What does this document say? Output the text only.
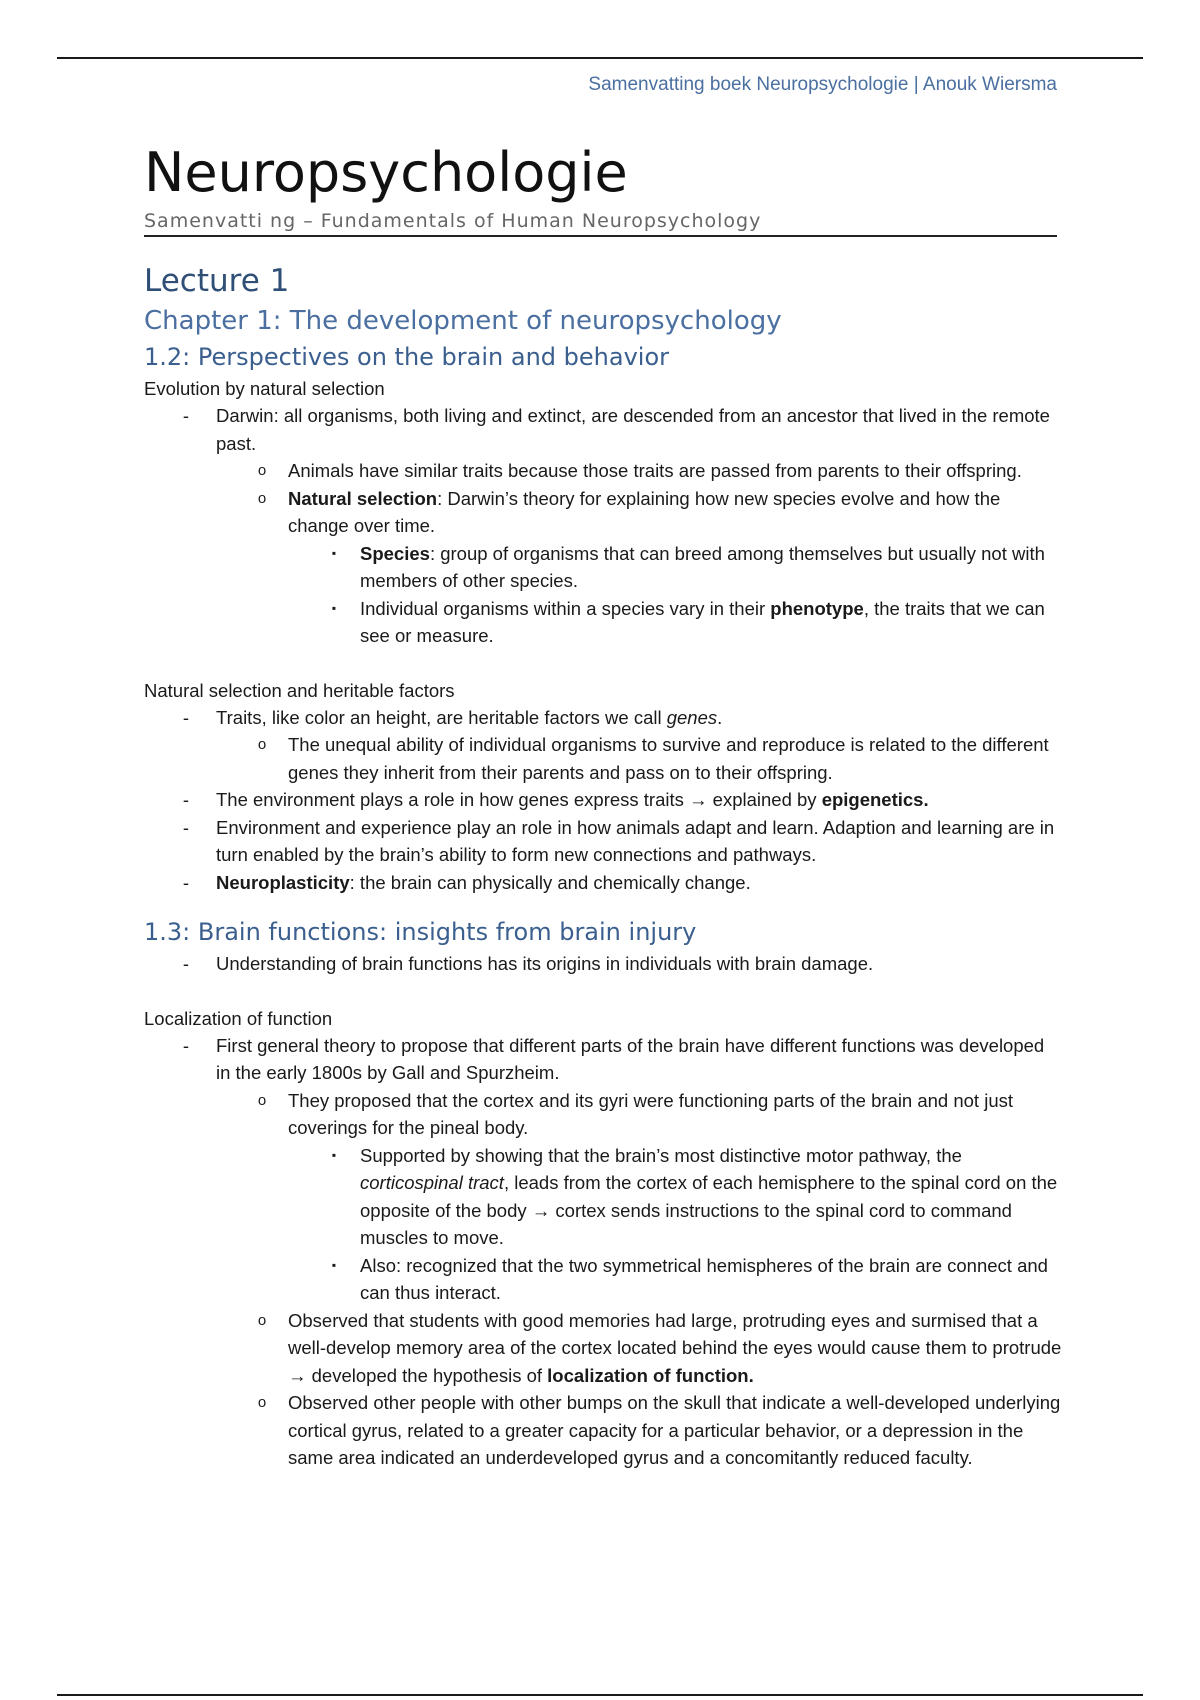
Samenvatting boek Neuropsychologie | Anouk Wiersma
Neuropsychologie
Samenvatti ng – Fundamentals of Human Neuropsychology
Lecture 1
Chapter 1: The development of neuropsychology
1.2: Perspectives on the brain and behavior

Evolution by natural selection

-	Darwin: all organisms, both living and extinct, are descended from an ancestor that lived in the remote past.
o	Animals have similar traits because those traits are passed from parents to their offspring.
o	Natural selection: Darwin’s theory for explaining how new species evolve and how the change over time.
▪	Species: group of organisms that can breed among themselves but usually not with members of other species.
▪	Individual organisms within a species vary in their phenotype, the traits that we can see or measure.

Natural selection and heritable factors

-	Traits, like color an height, are heritable factors we call genes.
o	The unequal ability of individual organisms to survive and reproduce is related to the different genes they inherit from their parents and pass on to their offspring.
-	The environment plays a role in how genes express traits → explained by epigenetics.
-	Environment and experience play an role in how animals adapt and learn. Adaption and learning are in turn enabled by the brain’s ability to form new connections and pathways.
-	Neuroplasticity: the brain can physically and chemically change.
1.3: Brain functions: insights from brain injury
-	Understanding of brain functions has its origins in individuals with brain damage.

Localization of function

-	First general theory to propose that different parts of the brain have different functions was developed in the early 1800s by Gall and Spurzheim.
o	They proposed that the cortex and its gyri were functioning parts of the brain and not just coverings for the pineal body.
▪	Supported by showing that the brain’s most distinctive motor pathway, the corticospinal tract, leads from the cortex of each hemisphere to the spinal cord on the opposite of the body → cortex sends instructions to the spinal cord to command muscles to move.
▪	Also: recognized that the two symmetrical hemispheres of the brain are connect and can thus interact.
o	Observed that students with good memories had large, protruding eyes and surmised that a well-develop memory area of the cortex located behind the eyes would cause them to protrude → developed the hypothesis of localization of function.
o	Observed other people with other bumps on the skull that indicate a well-developed underlying cortical gyrus, related to a greater capacity for a particular behavior, or a depression in the same area indicated an underdeveloped gyrus and a concomitantly reduced faculty.
